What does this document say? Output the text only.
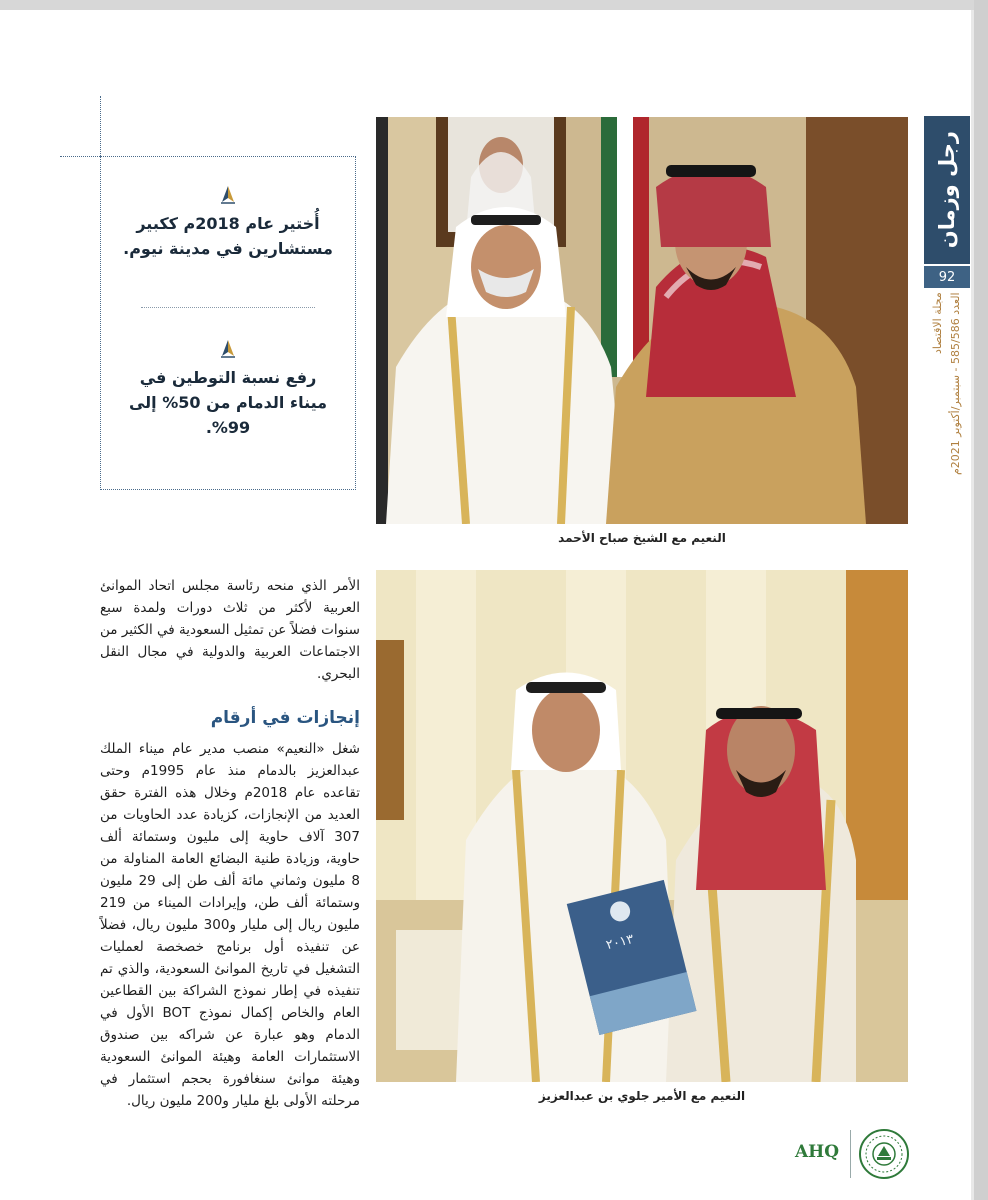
رجل وزمان
92
مجلة الاقتصاد
العدد 585/586 - سبتمبر/أكتوبر 2021م
أُختير عام 2018م ككبير مستشارين في مدينة نيوم.
رفع نسبة التوطين في ميناء الدمام من 50% إلى 99%.
النعيم مع الشيخ صباح الأحمد
٢٠١٣
النعيم مع الأمير جلوي بن عبدالعزيز
الأمر الذي منحه رئاسة مجلس اتحاد الموانئ العربية لأكثر من ثلاث دورات ولمدة سبع سنوات فضلاً عن تمثيل السعودية في الكثير من الاجتماعات العربية والدولية في مجال النقل البحري.
إنجازات في أرقام
شغل «النعيم» منصب مدير عام ميناء الملك عبدالعزيز بالدمام منذ عام 1995م وحتى تقاعده عام 2018م وخلال هذه الفترة حقق العديد من الإنجازات، كزيادة عدد الحاويات من 307 آلاف حاوية إلى مليون وستمائة ألف حاوية، وزيادة طنية البضائع العامة المناولة من 8 مليون وثماني مائة ألف طن إلى 29 مليون وستمائة ألف طن، وإيرادات الميناء من 219 مليون ريال إلى مليار و300 مليون ريال، فضلاً عن تنفيذه أول برنامج خصخصة لعمليات التشغيل في تاريخ الموانئ السعودية، والذي تم تنفيذه في إطار نموذج الشراكة بين القطاعين العام والخاص إكمال نموذج BOT الأول في الدمام وهو عبارة عن شراكه بين صندوق الاستثمارات العامة وهيئة الموانئ السعودية وهيئة موانئ سنغافورة بحجم استثمار في مرحلته الأولى بلغ مليار و200 مليون ريال.
AHQ
